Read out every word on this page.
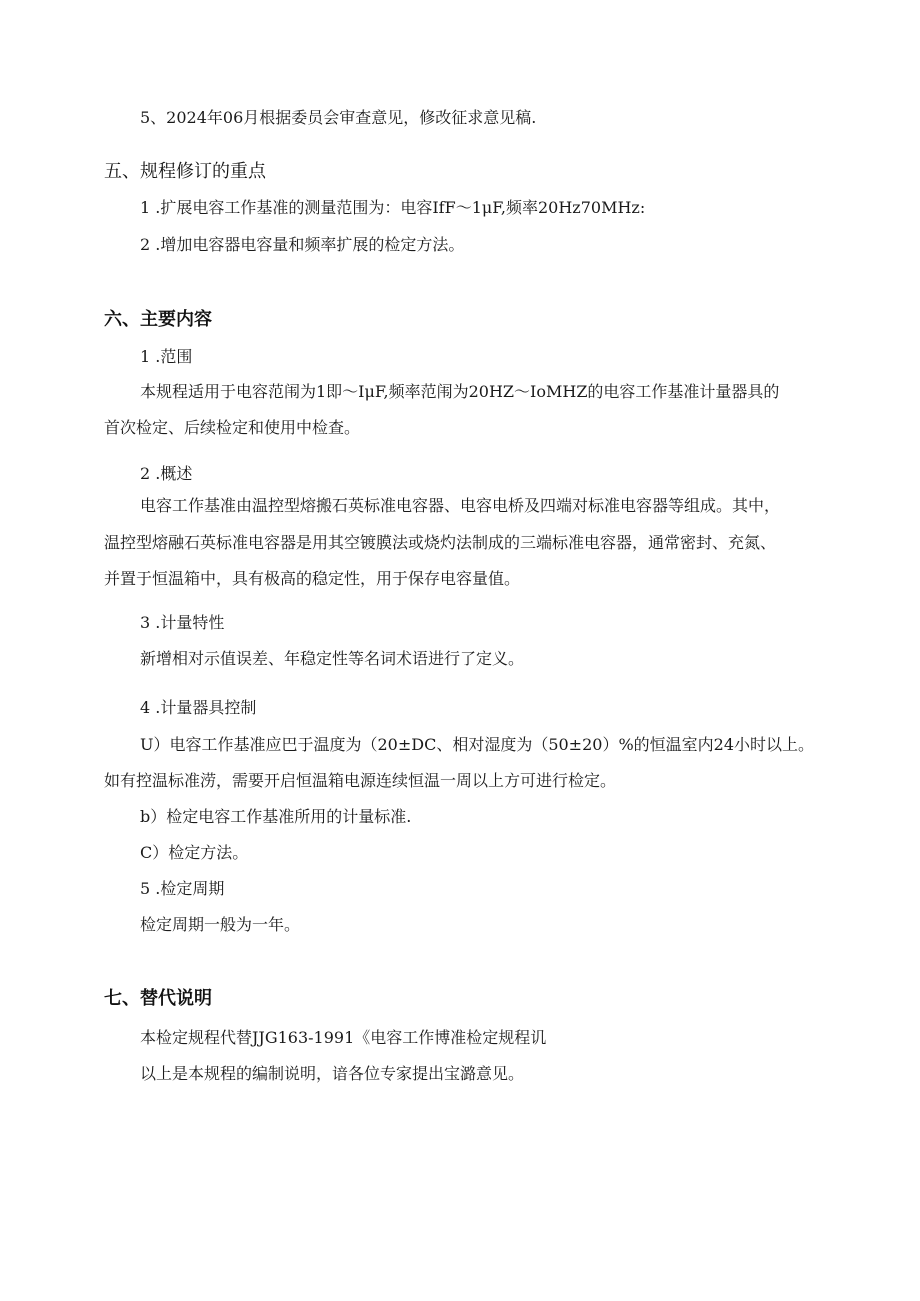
5、2024年06月根据委员会审查意见，修改征求意见稿.
五、规程修订的重点
1 .扩展电容工作基准的测量范围为：电容IfF～1μF,频率20Hz70MHz:
2 .增加电容器电容量和频率扩展的检定方法。
六、主要内容
1 .范围
本规程适用于电容范闱为1即～IμF,频率范闱为20HZ～IoMHZ的电容工作基准计量器具的
首次检定、后续检定和使用中检查。
2 .概述
电容工作基准由温控型熔搬石英标准电容器、电容电桥及四端对标准电容器等组成。其中，
温控型熔融石英标准电容器是用其空镀膜法或烧灼法制成的三端标准电容器，通常密封、充氮、
并置于恒温箱中，具有极高的稳定性，用于保存电容量值。
3 .计量特性
新增相对示值误差、年稳定性等名词术语进行了定义。
4 .计量器具控制
U）电容工作基准应巴于温度为（20±DC、相对湿度为（50±20）%的恒温室内24小时以上。
如有控温标准涝，需要开启恒温箱电源连续恒温一周以上方可进行检定。
b）检定电容工作基准所用的计量标准.
C）检定方法。
5 .检定周期
检定周期一般为一年。
七、替代说明
本检定规程代替JJG163-1991《电容工作博准检定规程讥
以上是本规程的编制说明，谙各位专家提出宝潞意见。
